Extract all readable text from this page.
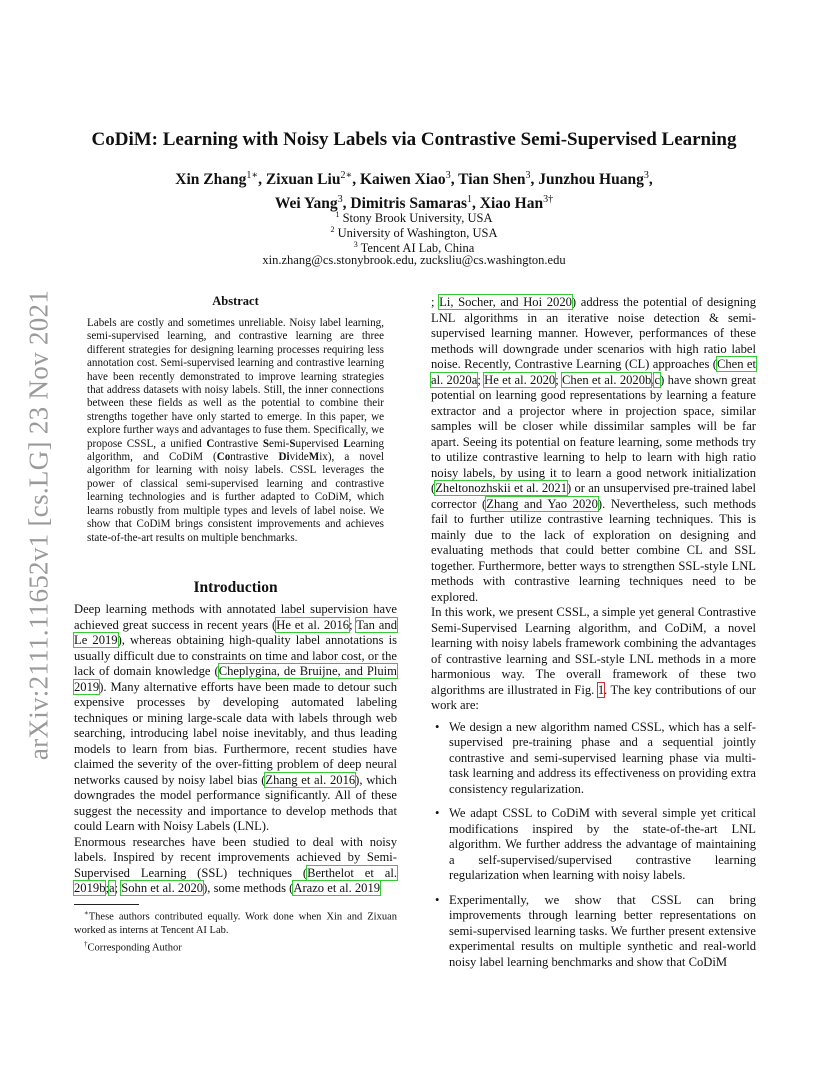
arXiv:2111.11652v1 [cs.LG] 23 Nov 2021
CoDiM: Learning with Noisy Labels via Contrastive Semi-Supervised Learning
Xin Zhang$^{1∗}$, Zixuan Liu$^{2∗}$, Kaiwen Xiao$^3$, Tian Shen$^3$, Junzhou Huang$^3$,
Wei Yang$^3$, Dimitris Samaras$^1$, Xiao Han$^{3\dagger}$
$^1$ Stony Brook University, USA
$^2$ University of Washington, USA
$^3$ Tencent AI Lab, China
xin.zhang@cs.stonybrook.edu, zucksliu@cs.washington.edu
Abstract
Labels are costly and sometimes unreliable. Noisy label learning, semi-supervised learning, and contrastive learning are three different strategies for designing learning processes requiring less annotation cost. Semi-supervised learning and contrastive learning have been recently demonstrated to improve learning strategies that address datasets with noisy labels. Still, the inner connections between these fields as well as the potential to combine their strengths together have only started to emerge. In this paper, we explore further ways and advantages to fuse them. Specifically, we propose CSSL, a unified Contrastive Semi-Supervised Learning algorithm, and CoDiM (Contrastive DivideMix), a novel algorithm for learning with noisy labels. CSSL leverages the power of classical semi-supervised learning and contrastive learning technologies and is further adapted to CoDiM, which learns robustly from multiple types and levels of label noise. We show that CoDiM brings consistent improvements and achieves state-of-the-art results on multiple benchmarks.
Introduction

Deep learning methods with annotated label supervision have achieved great success in recent years (He et al. 2016; Tan and Le 2019), whereas obtaining high-quality label annotations is usually difficult due to constraints on time and labor cost, or the lack of domain knowledge (Cheplygina, de Bruijne, and Pluim 2019). Many alternative efforts have been made to detour such expensive processes by developing automated labeling techniques or mining large-scale data with labels through web searching, introducing label noise inevitably, and thus leading models to learn from bias. Furthermore, recent studies have claimed the severity of the over-fitting problem of deep neural networks caused by noisy label bias (Zhang et al. 2016), which downgrades the model performance significantly. All of these suggest the necessity and importance to develop methods that could Learn with Noisy Labels (LNL).

Enormous researches have been studied to deal with noisy labels. Inspired by recent improvements achieved by Semi-Supervised Learning (SSL) techniques (Berthelot et al. 2019b;a; Sohn et al. 2020), some methods (Arazo et al. 2019

∗These authors contributed equally. Work done when Xin and Zixuan worked as interns at Tencent AI Lab.

†Corresponding Author

; Li, Socher, and Hoi 2020) address the potential of designing LNL algorithms in an iterative noise detection & semi-supervised learning manner. However, performances of these methods will downgrade under scenarios with high ratio label noise. Recently, Contrastive Learning (CL) approaches (Chen et al. 2020a; He et al. 2020; Chen et al. 2020b,c) have shown great potential on learning good representations by learning a feature extractor and a projector where in projection space, similar samples will be closer while dissimilar samples will be far apart. Seeing its potential on feature learning, some methods try to utilize contrastive learning to help to learn with high ratio noisy labels, by using it to learn a good network initialization (Zheltonozhskii et al. 2021) or an unsupervised pre-trained label corrector (Zhang and Yao 2020). Nevertheless, such methods fail to further utilize contrastive learning techniques. This is mainly due to the lack of exploration on designing and evaluating methods that could better combine CL and SSL together. Furthermore, better ways to strengthen SSL-style LNL methods with contrastive learning techniques need to be explored.

In this work, we present CSSL, a simple yet general Contrastive Semi-Supervised Learning algorithm, and CoDiM, a novel learning with noisy labels framework combining the advantages of contrastive learning and SSL-style LNL methods in a more harmonious way. The overall framework of these two algorithms are illustrated in Fig. 1. The key contributions of our work are:

• We design a new algorithm named CSSL, which has a self-supervised pre-training phase and a sequential jointly contrastive and semi-supervised learning phase via multi-task learning and address its effectiveness on providing extra consistency regularization.
• We adapt CSSL to CoDiM with several simple yet critical modifications inspired by the state-of-the-art LNL algorithm. We further address the advantage of maintaining a self-supervised/supervised contrastive learning regularization when learning with noisy labels.
• Experimentally, we show that CSSL can bring improvements through learning better representations on semi-supervised learning tasks. We further present extensive experimental results on multiple synthetic and real-world noisy label learning benchmarks and show that CoDiM
